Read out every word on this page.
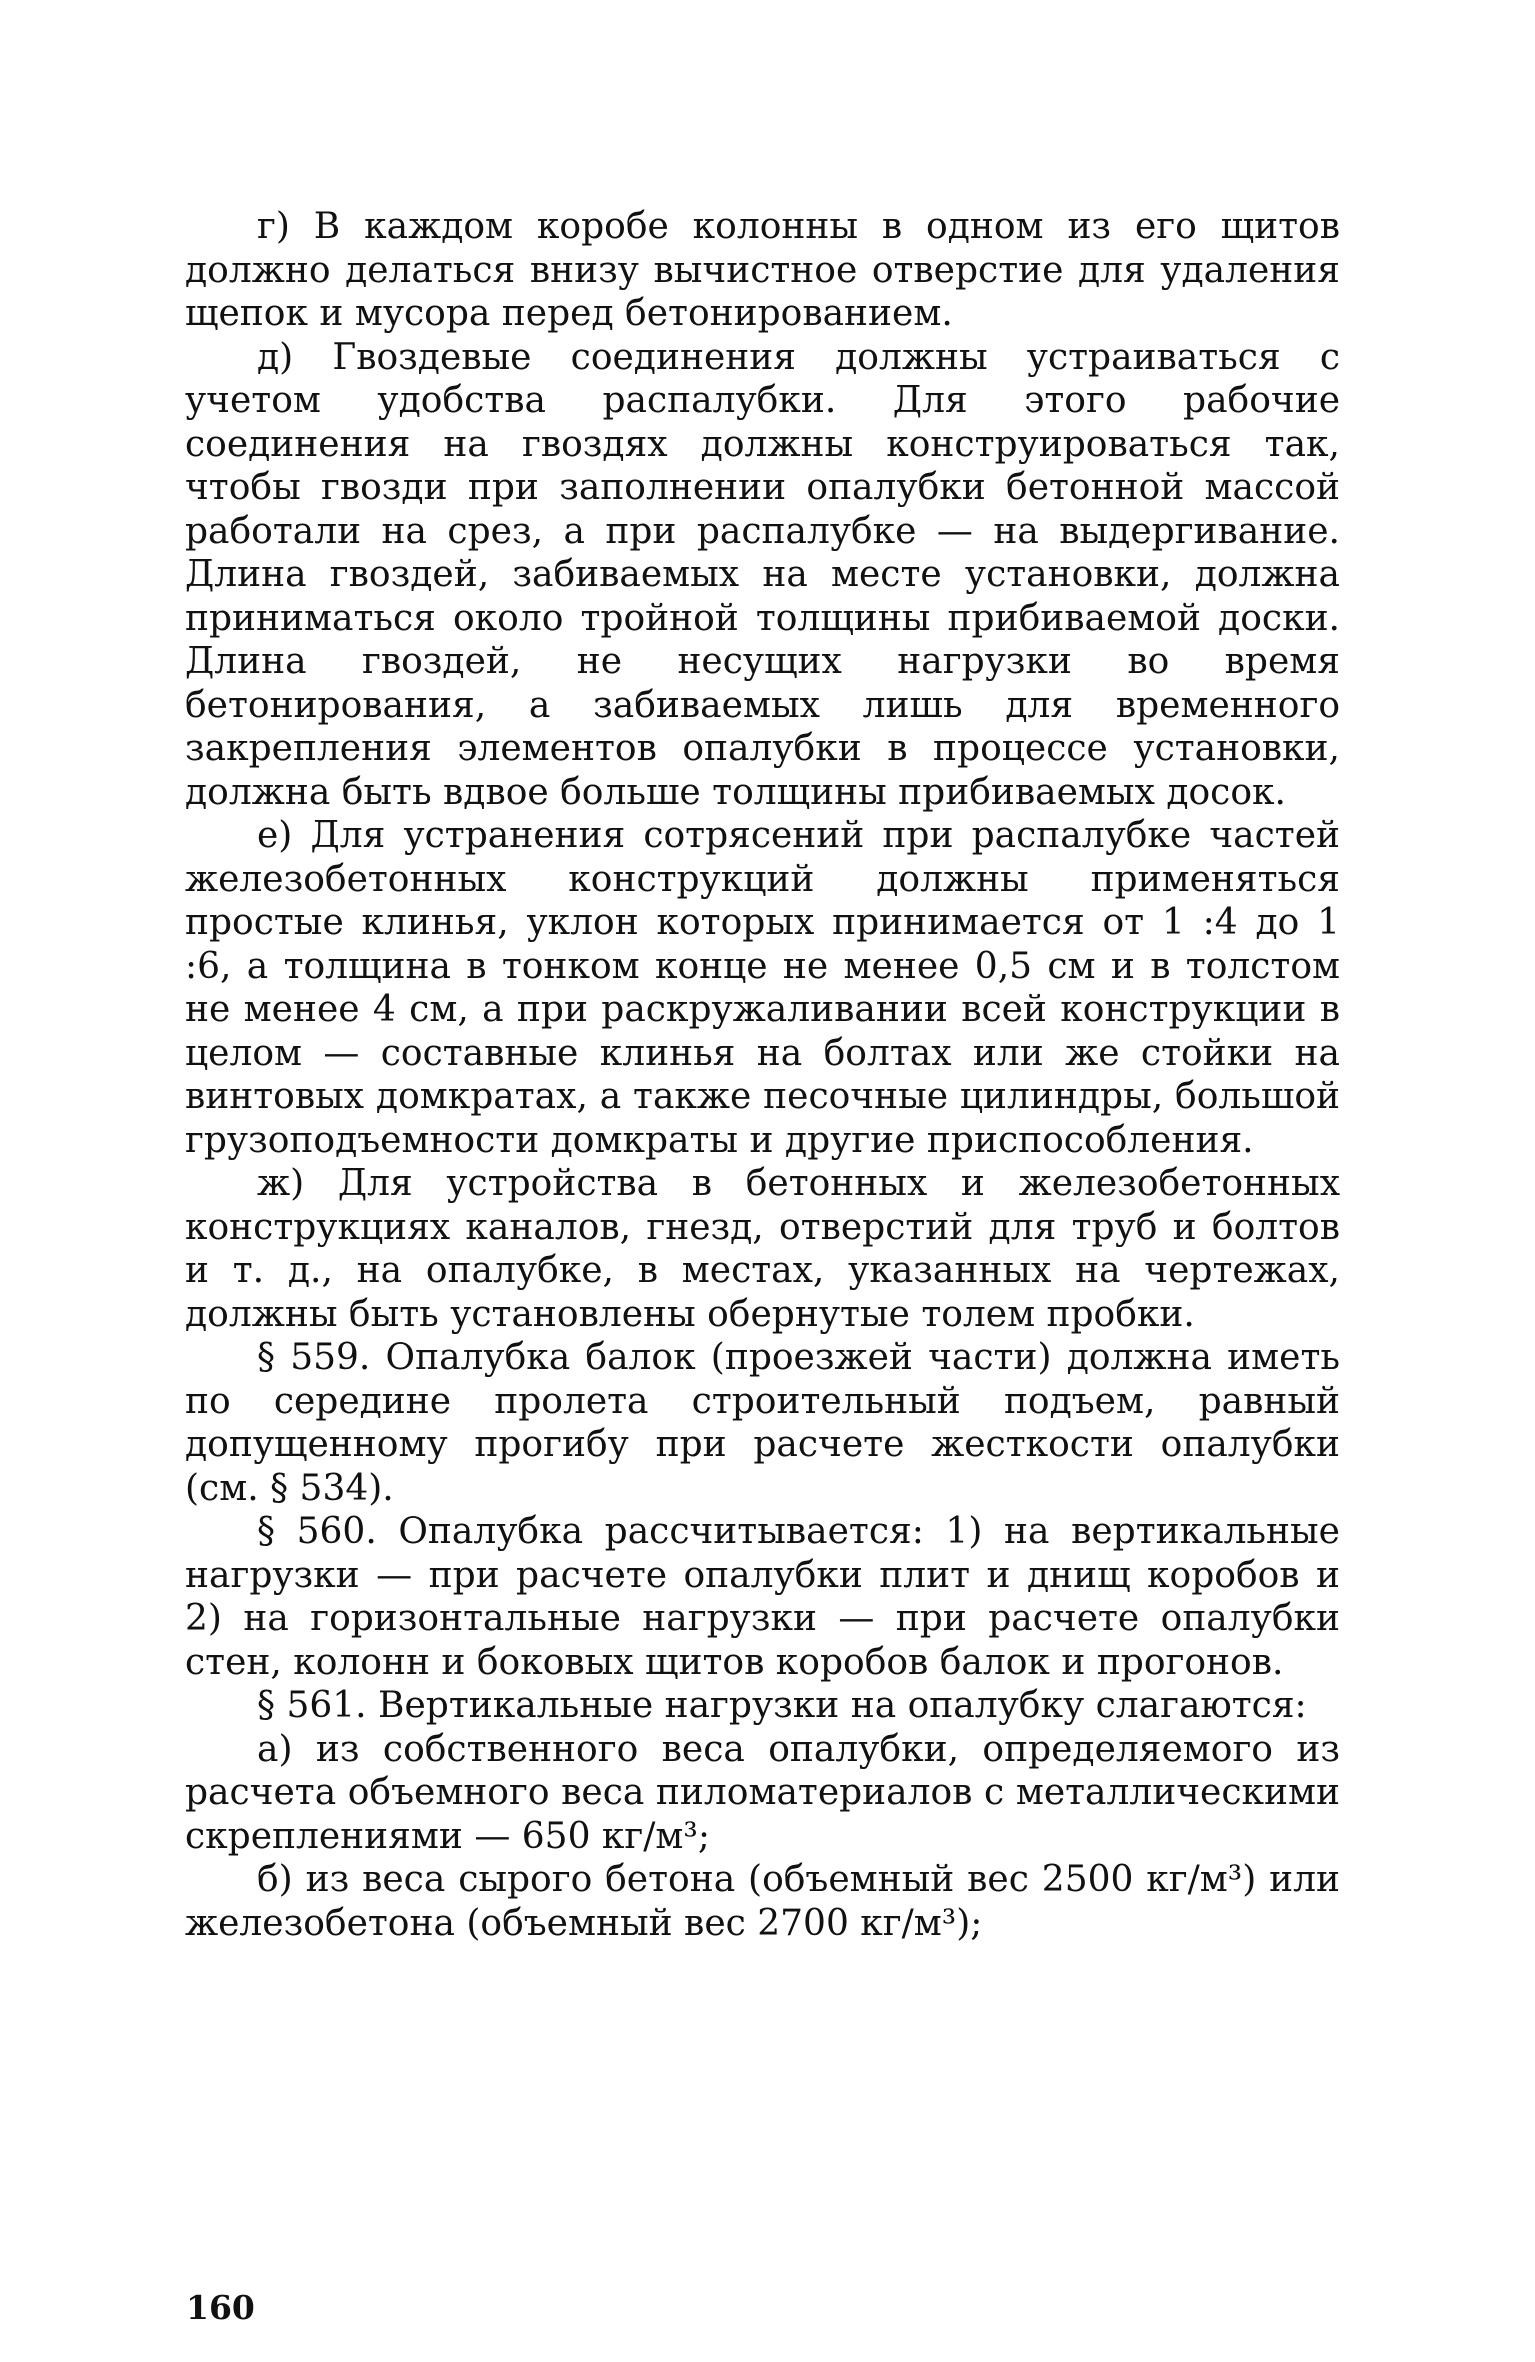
г) В каждом коробе колонны в одном из его щитов должно делаться внизу вычистное отверстие для удаления щепок и мусора перед бетонированием.

д) Гвоздевые соединения должны устраиваться с учетом удобства распалубки. Для этого рабочие соединения на гвоздях должны конструироваться так, чтобы гвозди при заполнении опалубки бетонной массой работали на срез, а при распалубке — на выдергивание. Длина гвоздей, забиваемых на месте установки, должна приниматься около тройной толщины прибиваемой доски. Длина гвоздей, не несущих нагрузки во время бетонирования, а забиваемых лишь для временного закрепления элементов опалубки в процессе установки, должна быть вдвое больше толщины прибиваемых досок.

е) Для устранения сотрясений при распалубке частей железобетонных конструкций должны применяться простые клинья, уклон которых принимается от 1 :4 до 1 :6, а толщина в тонком конце не менее 0,5 см и в толстом не менее 4 см, а при раскружаливании всей конструкции в целом — составные клинья на болтах или же стойки на винтовых домкратах, а также песочные цилиндры, большой грузоподъемности домкраты и другие приспособления.

ж) Для устройства в бетонных и железобетонных конструкциях каналов, гнезд, отверстий для труб и болтов и т. д., на опалубке, в местах, указанных на чертежах, должны быть установлены обернутые толем пробки.

§ 559. Опалубка балок (проезжей части) должна иметь по середине пролета строительный подъем, равный допущенному прогибу при расчете жесткости опалубки (см. § 534).

§ 560. Опалубка рассчитывается: 1) на вертикальные нагрузки — при расчете опалубки плит и днищ коробов и 2) на горизонтальные нагрузки — при расчете опалубки стен, колонн и боковых щитов коробов балок и прогонов.

§ 561. Вертикальные нагрузки на опалубку слагаются:

а) из собственного веса опалубки, определяемого из расчета объемного веса пиломатериалов с металлическими скреплениями — 650 кг/м³;

б) из веса сырого бетона (объемный вес 2500 кг/м³) или железобетона (объемный вес 2700 кг/м³);

160
